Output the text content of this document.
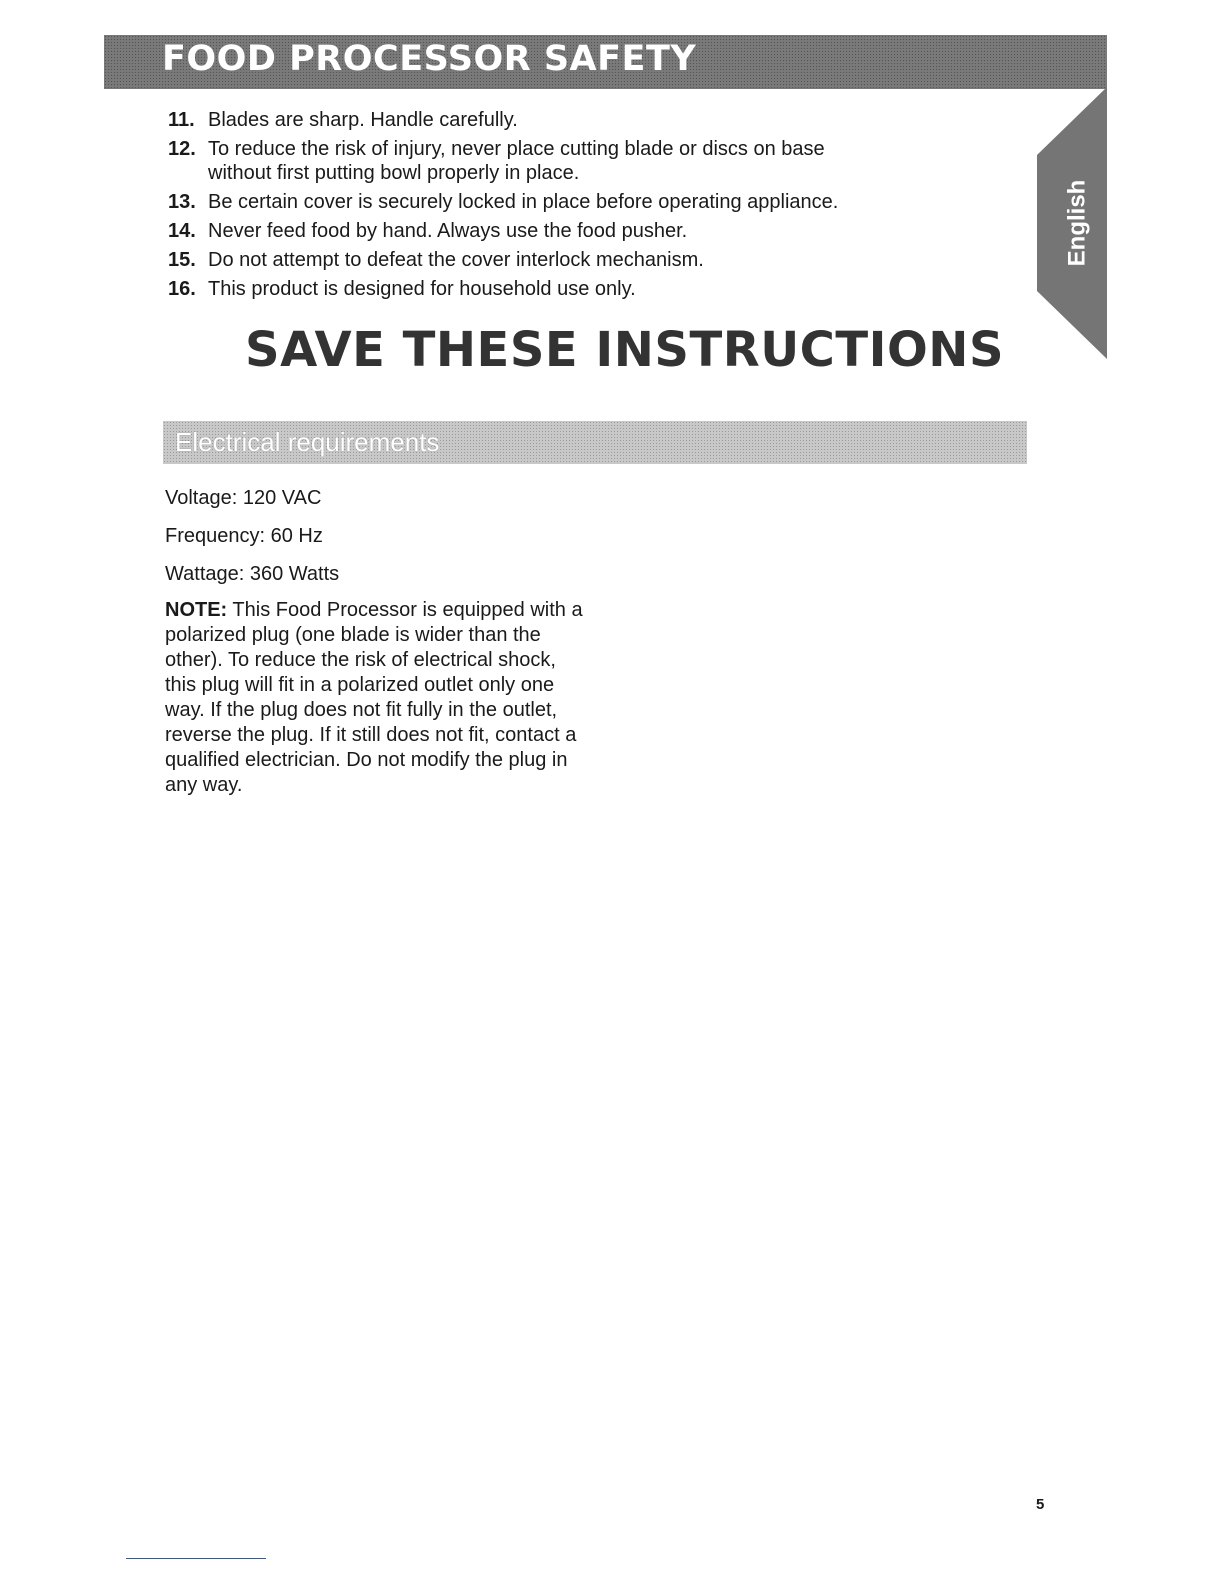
FOOD PROCESSOR SAFETY
11. Blades are sharp. Handle carefully.
12. To reduce the risk of injury, never place cutting blade or discs on base without first putting bowl properly in place.
13. Be certain cover is securely locked in place before operating appliance.
14. Never feed food by hand. Always use the food pusher.
15. Do not attempt to defeat the cover interlock mechanism.
16. This product is designed for household use only.
English
SAVE THESE INSTRUCTIONS
Electrical requirements
Voltage: 120 VAC
Frequency: 60 Hz
Wattage: 360 Watts
NOTE: This Food Processor is equipped with a polarized plug (one blade is wider than the other). To reduce the risk of electrical shock, this plug will fit in a polarized outlet only one way. If the plug does not fit fully in the outlet, reverse the plug. If it still does not fit, contact a qualified electrician. Do not modify the plug in any way.
5
